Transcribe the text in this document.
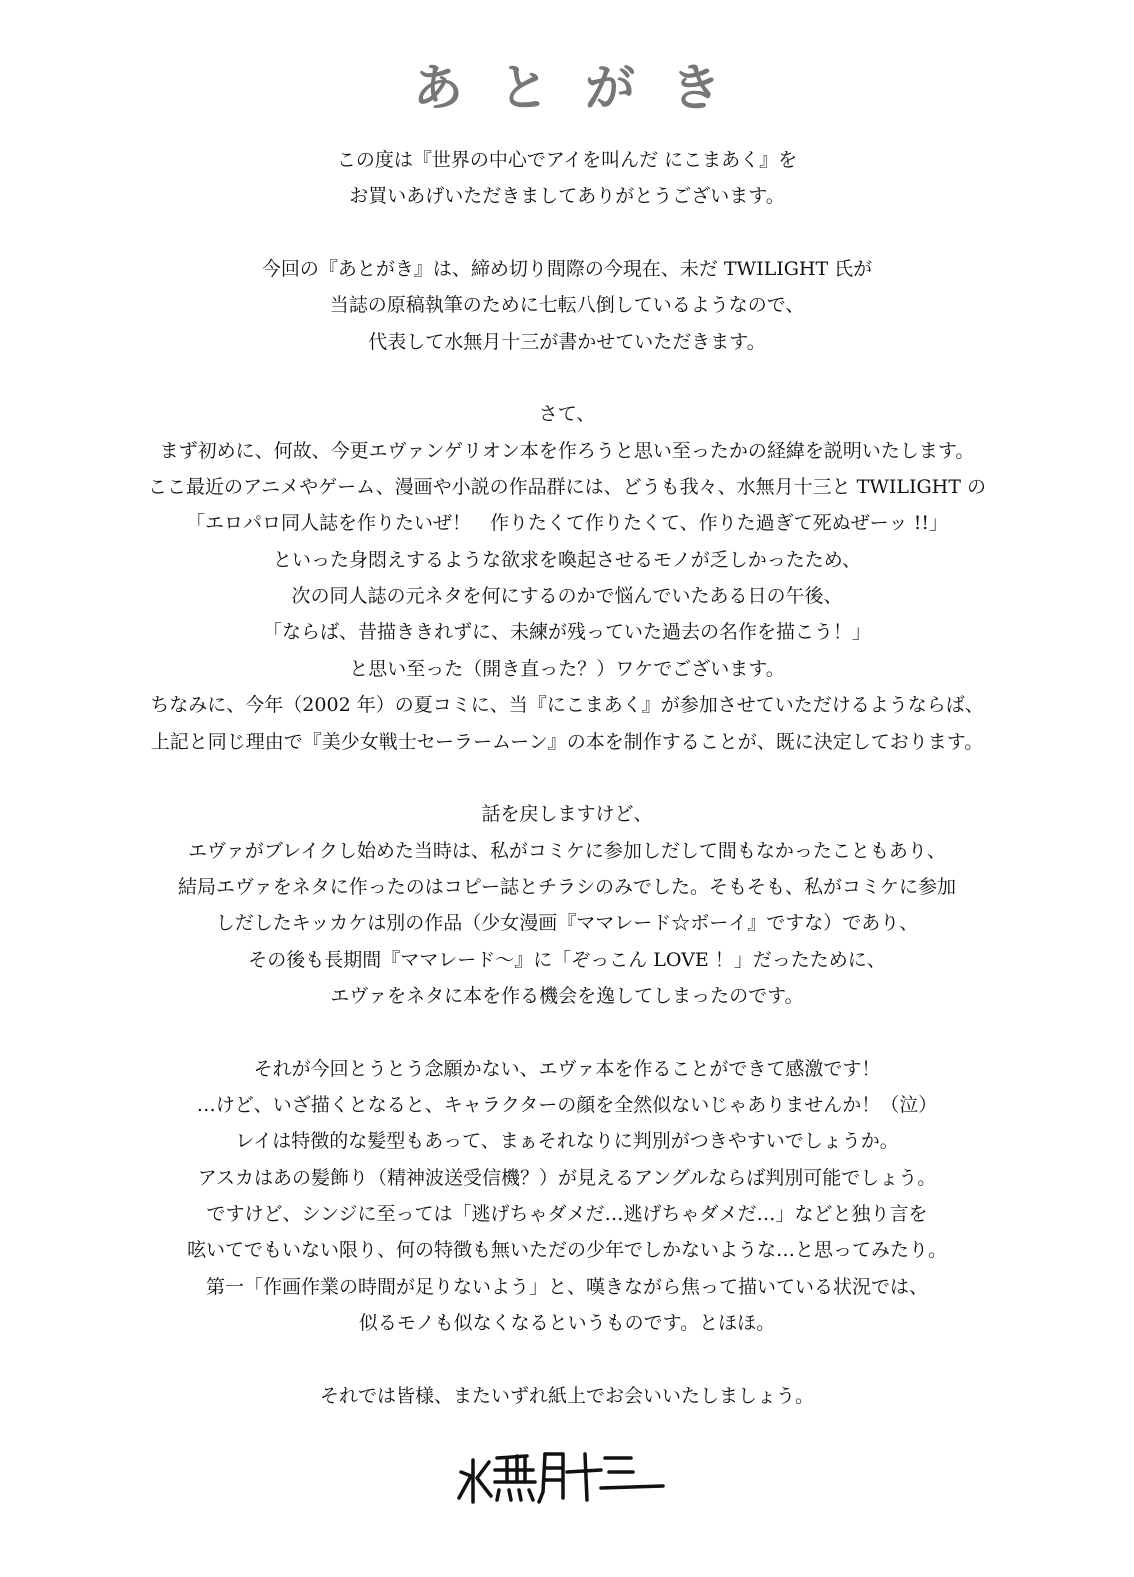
あとがき
この度は『世界の中心でアイを叫んだ にこまあく』を
お買いあげいただきましてありがとうございます。
今回の『あとがき』は、締め切り間際の今現在、未だ TWILIGHT 氏が
当誌の原稿執筆のために七転八倒しているようなので、
代表して水無月十三が書かせていただきます。
さて、
まず初めに、何故、今更エヴァンゲリオン本を作ろうと思い至ったかの経緯を説明いたします。
ここ最近のアニメやゲーム、漫画や小説の作品群には、どうも我々、水無月十三と TWILIGHT の
「エロパロ同人誌を作りたいぜ！　作りたくて作りたくて、作りた過ぎて死ぬぜーッ !!」
といった身悶えするような欲求を喚起させるモノが乏しかったため、
次の同人誌の元ネタを何にするのかで悩んでいたある日の午後、
「ならば、昔描ききれずに、未練が残っていた過去の名作を描こう！」
と思い至った（開き直った？）ワケでございます。
ちなみに、今年（2002 年）の夏コミに、当『にこまあく』が参加させていただけるようならば、
上記と同じ理由で『美少女戦士セーラームーン』の本を制作することが、既に決定しております。
話を戻しますけど、
エヴァがブレイクし始めた当時は、私がコミケに参加しだして間もなかったこともあり、
結局エヴァをネタに作ったのはコピー誌とチラシのみでした。そもそも、私がコミケに参加
しだしたキッカケは別の作品（少女漫画『ママレード☆ボーイ』ですな）であり、
その後も長期間『ママレード～』に「ぞっこん LOVE ！」だったために、
エヴァをネタに本を作る機会を逸してしまったのです。
それが今回とうとう念願かない、エヴァ本を作ることができて感激です！
…けど、いざ描くとなると、キャラクターの顔を全然似ないじゃありませんか！（泣）
レイは特徴的な髪型もあって、まぁそれなりに判別がつきやすいでしょうか。
アスカはあの髪飾り（精神波送受信機？）が見えるアングルならば判別可能でしょう。
ですけど、シンジに至っては「逃げちゃダメだ…逃げちゃダメだ…」などと独り言を
呟いてでもいない限り、何の特徴も無いただの少年でしかないような…と思ってみたり。
第一「作画作業の時間が足りないよう」と、嘆きながら焦って描いている状況では、
似るモノも似なくなるというものです。とほほ。
それでは皆様、またいずれ紙上でお会いいたしましょう。
